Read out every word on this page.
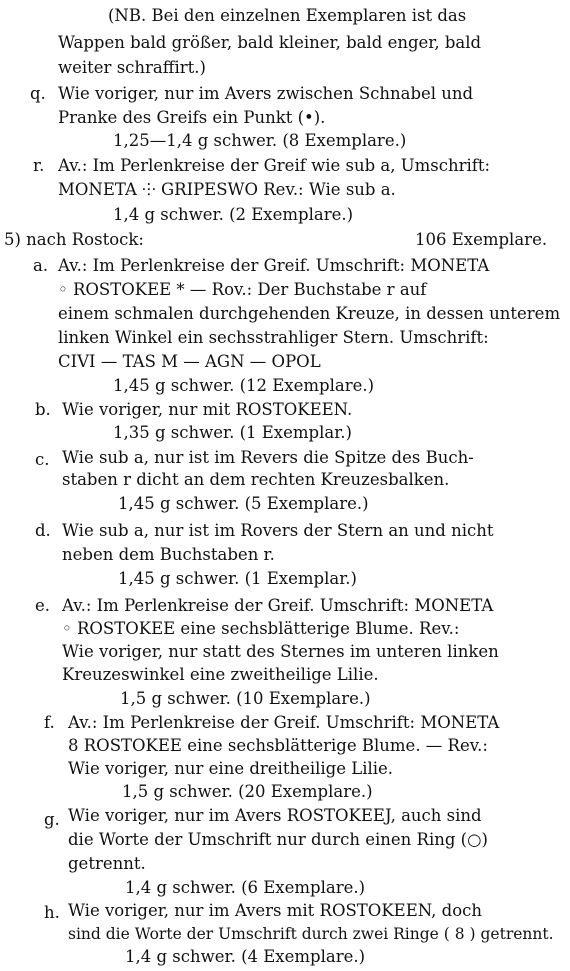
(NB. Bei den einzelnen Exemplaren ist das
Wappen bald größer, bald kleiner, bald enger, bald
weiter schraffirt.)
q. Wie voriger, nur im Avers zwischen Schnabel und
Pranke des Greifs ein Punkt (•).
1,25—1,4 g schwer. (8 Exemplare.)
r. Av.: Im Perlenkreise der Greif wie sub a, Umschrift:
MONETA ⸭ GRIPESWO Rev.: Wie sub a.
1,4 g schwer. (2 Exemplare.)
5) nach Rostock:	106 Exemplare.
a. Av.: Im Perlenkreise der Greif. Umschrift: MONETA
◦ ROSTOKEE * — Rov.: Der Buchstabe r auf
einem schmalen durchgehenden Kreuze, in dessen unterem
linken Winkel ein sechsstrahliger Stern. Umschrift:
CIVI — TAS M — AGN — OPOL
1,45 g schwer. (12 Exemplare.)
b. Wie voriger, nur mit ROSTOKEEN.
1,35 g schwer. (1 Exemplar.)
c. Wie sub a, nur ist im Revers die Spitze des Buch-
staben r dicht an dem rechten Kreuzesbalken.
1,45 g schwer. (5 Exemplare.)
d. Wie sub a, nur ist im Rovers der Stern an und nicht
neben dem Buchstaben r.
1,45 g schwer. (1 Exemplar.)
e. Av.: Im Perlenkreise der Greif. Umschrift: MONETA
◦ ROSTOKEE eine sechsblätterige Blume. Rev.:
Wie voriger, nur statt des Sternes im unteren linken
Kreuzeswinkel eine zweitheilige Lilie.
1,5 g schwer. (10 Exemplare.)
f. Av.: Im Perlenkreise der Greif. Umschrift: MONETA
8 ROSTOKEE eine sechsblätterige Blume. — Rev.:
Wie voriger, nur eine dreitheilige Lilie.
1,5 g schwer. (20 Exemplare.)
g. Wie voriger, nur im Avers ROSTOKEEJ, auch sind
die Worte der Umschrift nur durch einen Ring (○)
getrennt.
1,4 g schwer. (6 Exemplare.)
h. Wie voriger, nur im Avers mit ROSTOKEEN, doch
sind die Worte der Umschrift durch zwei Ringe ( 8 ) getrennt.
1,4 g schwer. (4 Exemplare.)
